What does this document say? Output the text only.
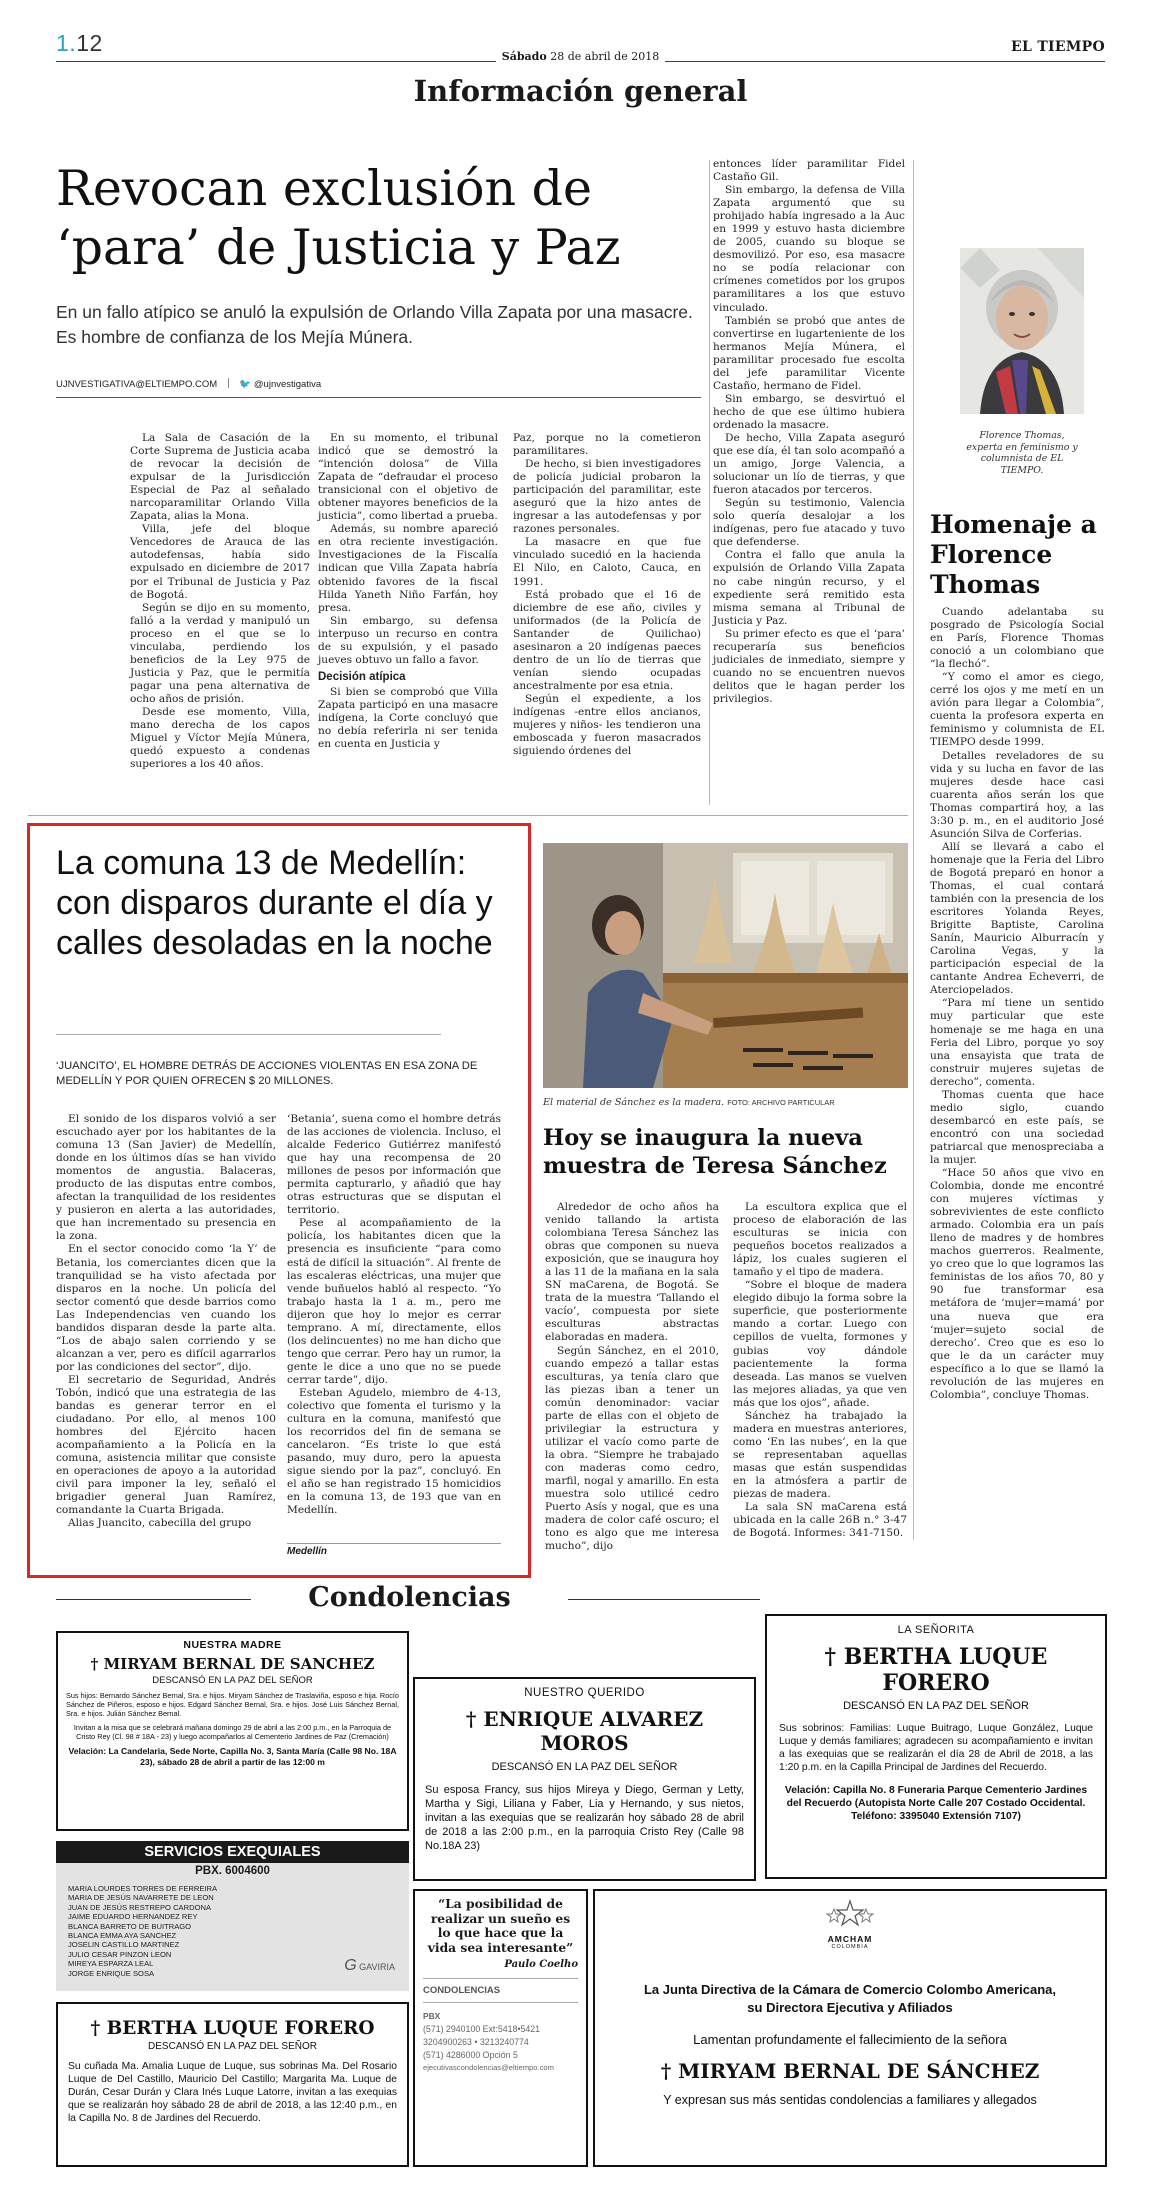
1.12
Sábado 28 de abril de 2018
EL TIEMPO
Información general
Revocan exclusión de
‘para’ de Justicia y Paz
En un fallo atípico se anuló la expulsión de Orlando Villa Zapata por una masacre. Es hombre de confianza de los Mejía Múnera.
UJNVESTIGATIVA@ELTIEMPO.COM 🐦 @ujnvestigativa

La Sala de Casación de la Corte Suprema de Justicia acaba de revocar la decisión de expulsar de la Jurisdicción Especial de Paz al señalado narcoparamilitar Orlando Villa Zapata, alias la Mona.

Villa, jefe del bloque Vencedores de Arauca de las autodefensas, había sido expulsado en diciembre de 2017 por el Tribunal de Justicia y Paz de Bogotá.

Según se dijo en su momento, falló a la verdad y manipuló un proceso en el que se lo vinculaba, perdiendo los beneficios de la Ley 975 de Justicia y Paz, que le permitía pagar una pena alternativa de ocho años de prisión.

Desde ese momento, Villa, mano derecha de los capos Miguel y Víctor Mejía Múnera, quedó expuesto a condenas superiores a los 40 años.

En su momento, el tribunal indicó que se demostró la “intención dolosa” de Villa Zapata de “defraudar el proceso transicional con el objetivo de obtener mayores beneficios de la justicia”, como libertad a prueba.

Además, su nombre apareció en otra reciente investigación. Investigaciones de la Fiscalía indican que Villa Zapata habría obtenido favores de la fiscal Hilda Yaneth Niño Farfán, hoy presa.

Sin embargo, su defensa interpuso un recurso en contra de su expulsión, y el pasado jueves obtuvo un fallo a favor.

Decisión atípica

Si bien se comprobó que Villa Zapata participó en una masacre indígena, la Corte concluyó que no debía referirla ni ser tenida en cuenta en Justicia y

Paz, porque no la cometieron paramilitares.

De hecho, si bien investigadores de policía judicial probaron la participación del paramilitar, este aseguró que la hizo antes de ingresar a las autodefensas y por razones personales.

La masacre en que fue vinculado sucedió en la hacienda El Nilo, en Caloto, Cauca, en 1991.

Está probado que el 16 de diciembre de ese año, civiles y uniformados (de la Policía de Santander de Quilichao) asesinaron a 20 indígenas paeces dentro de un lío de tierras que venían siendo ocupadas ancestralmente por esa etnia.

Según el expediente, a los indígenas -entre ellos ancianos, mujeres y niños- les tendieron una emboscada y fueron masacrados siguiendo órdenes del

entonces líder paramilitar Fidel Castaño Gil.

Sin embargo, la defensa de Villa Zapata argumentó que su prohijado había ingresado a la Auc en 1999 y estuvo hasta diciembre de 2005, cuando su bloque se desmovilizó. Por eso, esa masacre no se podía relacionar con crímenes cometidos por los grupos paramilitares a los que estuvo vinculado.

También se probó que antes de convertirse en lugarteniente de los hermanos Mejía Múnera, el paramilitar procesado fue escolta del jefe paramilitar Vicente Castaño, hermano de Fidel.

Sin embargo, se desvirtuó el hecho de que ese último hubiera ordenado la masacre.

De hecho, Villa Zapata aseguró que ese día, él tan solo acompañó a un amigo, Jorge Valencia, a solucionar un lío de tierras, y que fueron atacados por terceros.

Según su testimonio, Valencia solo quería desalojar a los indígenas, pero fue atacado y tuvo que defenderse.

Contra el fallo que anula la expulsión de Orlando Villa Zapata no cabe ningún recurso, y el expediente será remitido esta misma semana al Tribunal de Justicia y Paz.

Su primer efecto es que el ‘para’ recuperaría sus beneficios judiciales de inmediato, siempre y cuando no se encuentren nuevos delitos que le hagan perder los privilegios.

Florence Thomas, experta en feminismo y columnista de EL TIEMPO.
Homenaje a Florence Thomas

Cuando adelantaba su posgrado de Psicología Social en París, Florence Thomas conoció a un colombiano que “la flechó”.

“Y como el amor es ciego, cerré los ojos y me metí en un avión para llegar a Colombia”, cuenta la profesora experta en feminismo y columnista de EL TIEMPO desde 1999.

Detalles reveladores de su vida y su lucha en favor de las mujeres desde hace casi cuarenta años serán los que Thomas compartirá hoy, a las 3:30 p. m., en el auditorio José Asunción Silva de Corferias.

Allí se llevará a cabo el homenaje que la Feria del Libro de Bogotá preparó en honor a Thomas, el cual contará también con la presencia de los escritores Yolanda Reyes, Brigitte Baptiste, Carolina Sanín, Mauricio Alburracín y Carolina Vegas, y la participación especial de la cantante Andrea Echeverri, de Aterciopelados.

“Para mí tiene un sentido muy particular que este homenaje se me haga en una Feria del Libro, porque yo soy una ensayista que trata de construir mujeres sujetas de derecho”, comenta.

Thomas cuenta que hace medio siglo, cuando desembarcó en este país, se encontró con una sociedad patriarcal que menospreciaba a la mujer.

“Hace 50 años que vivo en Colombia, donde me encontré con mujeres víctimas y sobrevivientes de este conflicto armado. Colombia era un país lleno de madres y de hombres machos guerreros. Realmente, yo creo que lo que logramos las feministas de los años 70, 80 y 90 fue transformar esa metáfora de ‘mujer=mamá’ por una nueva que era ‘mujer=sujeto social de derecho’. Creo que es eso lo que le da un carácter muy específico a lo que se llamó la revolución de las mujeres en Colombia”, concluye Thomas.

La comuna 13 de Medellín: con disparos durante el día y calles desoladas en la noche
‘JUANCITO’, EL HOMBRE DETRÁS DE ACCIONES VIOLENTAS EN ESA ZONA DE MEDELLÍN Y POR QUIEN OFRECEN $ 20 MILLONES.

El sonido de los disparos volvió a ser escuchado ayer por los habitantes de la comuna 13 (San Javier) de Medellín, donde en los últimos días se han vivido momentos de angustia. Balaceras, producto de las disputas entre combos, afectan la tranquilidad de los residentes y pusieron en alerta a las autoridades, que han incrementado su presencia en la zona.

En el sector conocido como ‘la Y’ de Betania, los comerciantes dicen que la tranquilidad se ha visto afectada por disparos en la noche. Un policía del sector comentó que desde barrios como Las Independencias ven cuando los bandidos disparan desde la parte alta. “Los de abajo salen corriendo y se alcanzan a ver, pero es difícil agarrarlos por las condiciones del sector”, dijo.

El secretario de Seguridad, Andrés Tobón, indicó que una estrategia de las bandas es generar terror en el ciudadano. Por ello, al menos 100 hombres del Ejército hacen acompañamiento a la Policía en la comuna, asistencia militar que consiste en operaciones de apoyo a la autoridad civil para imponer la ley, señaló el brigadier general Juan Ramírez, comandante la Cuarta Brigada.

Alias Juancito, cabecilla del grupo

‘Betania’, suena como el hombre detrás de las acciones de violencia. Incluso, el alcalde Federico Gutiérrez manifestó que hay una recompensa de 20 millones de pesos por información que permita capturarlo, y añadió que hay otras estructuras que se disputan el territorio.

Pese al acompañamiento de la policía, los habitantes dicen que la presencia es insuficiente “para como está de difícil la situación”. Al frente de las escaleras eléctricas, una mujer que vende buñuelos habló al respecto. “Yo trabajo hasta la 1 a. m., pero me dijeron que hoy lo mejor es cerrar temprano. A mí, directamente, ellos (los delincuentes) no me han dicho que tengo que cerrar. Pero hay un rumor, la gente le dice a uno que no se puede cerrar tarde”, dijo.

Esteban Agudelo, miembro de 4-13, colectivo que fomenta el turismo y la cultura en la comuna, manifestó que los recorridos del fin de semana se cancelaron. “Es triste lo que está pasando, muy duro, pero la apuesta sigue siendo por la paz”, concluyó. En el año se han registrado 15 homicidios en la comuna 13, de 193 que van en Medellín.

Medellín
El material de Sánchez es la madera. FOTO: ARCHIVO PARTICULAR
Hoy se inaugura la nueva muestra de Teresa Sánchez

Alrededor de ocho años ha venido tallando la artista colombiana Teresa Sánchez las obras que componen su nueva exposición, que se inaugura hoy a las 11 de la mañana en la sala SN maCarena, de Bogotá. Se trata de la muestra ‘Tallando el vacío’, compuesta por siete esculturas abstractas elaboradas en madera.

Según Sánchez, en el 2010, cuando empezó a tallar estas esculturas, ya tenía claro que las piezas iban a tener un común denominador: vaciar parte de ellas con el objeto de privilegiar la estructura y utilizar el vacío como parte de la obra. “Siempre he trabajado con maderas como cedro, marfil, nogal y amarillo. En esta muestra solo utilicé cedro Puerto Asís y nogal, que es una madera de color café oscuro; el tono es algo que me interesa mucho”, dijo

La escultora explica que el proceso de elaboración de las esculturas se inicia con pequeños bocetos realizados a lápiz, los cuales sugieren el tamaño y el tipo de madera.

“Sobre el bloque de madera elegido dibujo la forma sobre la superficie, que posteriormente mando a cortar. Luego con cepillos de vuelta, formones y gubias voy dándole pacientemente la forma deseada. Las manos se vuelven las mejores aliadas, ya que ven más que los ojos”, añade.

Sánchez ha trabajado la madera en muestras anteriores, como ‘En las nubes’, en la que se representaban aquellas masas que están suspendidas en la atmósfera a partir de piezas de madera.

La sala SN maCarena está ubicada en la calle 26B n.° 3-47 de Bogotá. Informes: 341-7150.

Condolencias
NUESTRA MADRE
† MIRYAM BERNAL DE SANCHEZ
DESCANSÓ EN LA PAZ DEL SEÑOR
Sus hijos: Bernardo Sánchez Bernal, Sra. e hijos. Miryam Sánchez de Traslaviña, esposo e hija. Rocío Sánchez de Piñeros, esposo e hijos. Edgard Sánchez Bernal, Sra. e hijos. José Luis Sánchez Bernal, Sra. e hijos. Julián Sánchez Bernal.
Invitan a la misa que se celebrará mañana domingo 29 de abril a las 2:00 p.m., en la Parroquia de Cristo Rey (Cl. 98 # 18A - 23) y luego acompañarlos al Cementerio Jardines de Paz (Cremación)
Velación: La Candelaria, Sede Norte, Capilla No. 3, Santa María (Calle 98 No. 18A 23), sábado 28 de abril a partir de las 12:00 m
NUESTRO QUERIDO
† ENRIQUE ALVAREZ MOROS
DESCANSÓ EN LA PAZ DEL SEÑOR
Su esposa Francy, sus hijos Mireya y Diego, German y Letty, Martha y Sigi, Liliana y Faber, Lia y Hernando, y sus nietos, invitan a las exequias que se realizarán hoy sábado 28 de abril de 2018 a las 2:00 p.m., en la parroquia Cristo Rey (Calle 98 No.18A 23)
LA SEÑORITA
† BERTHA LUQUE FORERO
DESCANSÓ EN LA PAZ DEL SEÑOR
Sus sobrinos: Familias: Luque Buitrago, Luque González, Luque Luque y demás familiares; agradecen su acompañamiento e invitan a las exequias que se realizarán el día 28 de Abril de 2018, a las 1:20 p.m. en la Capilla Principal de Jardines del Recuerdo.
Velación: Capilla No. 8 Funeraria Parque Cementerio Jardines del Recuerdo (Autopista Norte Calle 207 Costado Occidental. Teléfono: 3395040 Extensión 7107)
SERVICIOS EXEQUIALES
PBX. 6004600
MARIA LOURDES TORRES DE FERREIRA
MARIA DE JESÚS NAVARRETE DE LEON
JUAN DE JESÚS RESTREPO CARDONA
JAIME EDUARDO HERNANDEZ REY
BLANCA BARRETO DE BUITRAGO
BLANCA EMMA AYA SANCHEZ
JOSELIN CASTILLO MARTINEZ
JULIO CESAR PINZON LEON
MIREYA ESPARZA LEAL
JORGE ENRIQUE SOSA	G GAVIRIA
† BERTHA LUQUE FORERO
DESCANSÓ EN LA PAZ DEL SEÑOR
Su cuñada Ma. Amalia Luque de Luque, sus sobrinas Ma. Del Rosario Luque de Del Castillo, Mauricio Del Castillo; Margarita Ma. Luque de Durán, Cesar Durán y Clara Inés Luque Latorre, invitan a las exequias que se realizarán hoy sábado 28 de abril de 2018, a las 12:40 p.m., en la Capilla No. 8 de Jardines del Recuerdo.
“La posibilidad de realizar un sueño es lo que hace que la vida sea interesante”
Paulo Coelho
CONDOLENCIAS
PBX
(571) 2940100 Ext:5418•5421
3204900263 • 3213240774
(571) 4286000 Opción 5
ejecutivascondolencias@eltiempo.com
AMCHAM
COLOMBIA
La Junta Directiva de la Cámara de Comercio Colombo Americana,
su Directora Ejecutiva y Afiliados
Lamentan profundamente el fallecimiento de la señora
† MIRYAM BERNAL DE SÁNCHEZ
Y expresan sus más sentidas condolencias a familiares y allegados
